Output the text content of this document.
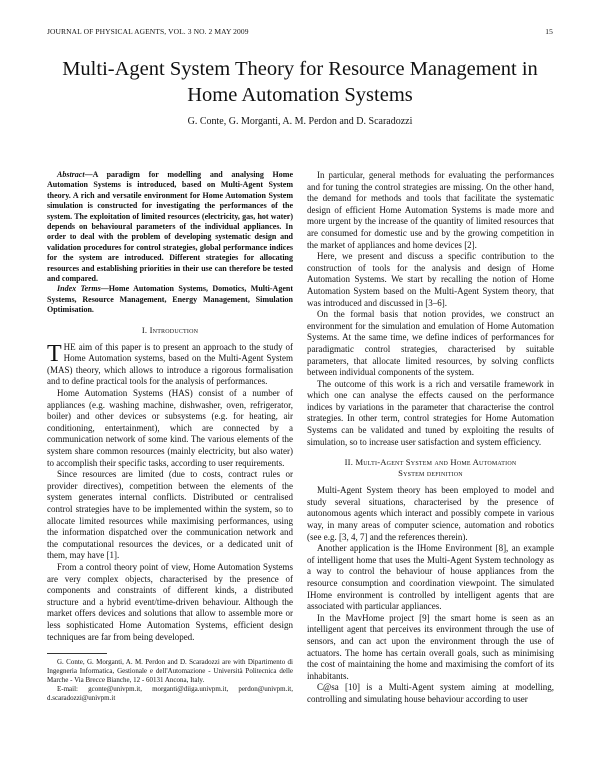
JOURNAL OF PHYSICAL AGENTS, VOL. 3 NO. 2 MAY 2009	15
Multi-Agent System Theory for Resource Management in Home Automation Systems
G. Conte, G. Morganti, A. M. Perdon and D. Scaradozzi

Abstract—A paradigm for modelling and analysing Home Automation Systems is introduced, based on Multi-Agent System theory. A rich and versatile environment for Home Automation System simulation is constructed for investigating the performances of the system. The exploitation of limited resources (electricity, gas, hot water) depends on behavioural parameters of the individual appliances. In order to deal with the problem of developing systematic design and validation procedures for control strategies, global performance indices for the system are introduced. Different strategies for allocating resources and establishing priorities in their use can therefore be tested and compared.

Index Terms—Home Automation Systems, Domotics, Multi-Agent Systems, Resource Management, Energy Management, Simulation Optimisation.

I. Introduction

THE aim of this paper is to present an approach to the study of Home Automation systems, based on the Multi-Agent System (MAS) theory, which allows to introduce a rigorous formalisation and to define practical tools for the analysis of performances.

Home Automation Systems (HAS) consist of a number of appliances (e.g. washing machine, dishwasher, oven, refrigerator, boiler) and other devices or subsystems (e.g. for heating, air conditioning, entertainment), which are connected by a communication network of some kind. The various elements of the system share common resources (mainly electricity, but also water) to accomplish their specific tasks, according to user requirements.

Since resources are limited (due to costs, contract rules or provider directives), competition between the elements of the system generates internal conflicts. Distributed or centralised control strategies have to be implemented within the system, so to allocate limited resources while maximising performances, using the information dispatched over the communication network and the computational resources the devices, or a dedicated unit of them, may have [1].

From a control theory point of view, Home Automation Systems are very complex objects, characterised by the presence of components and constraints of different kinds, a distributed structure and a hybrid event/time-driven behaviour. Although the market offers devices and solutions that allow to assemble more or less sophisticated Home Automation Systems, efficient design techniques are far from being developed.

G. Conte, G. Morganti, A. M. Perdon and D. Scaradozzi are with Dipartimento di Ingegneria Informatica, Gestionale e dell'Automazione - Università Politecnica delle Marche - Via Brecce Bianche, 12 - 60131 Ancona, Italy.

E-mail: gconte@univpm.it, morganti@diiga.univpm.it, perdon@univpm.it, d.scaradozzi@univpm.it

In particular, general methods for evaluating the performances and for tuning the control strategies are missing. On the other hand, the demand for methods and tools that facilitate the systematic design of efficient Home Automation Systems is made more and more urgent by the increase of the quantity of limited resources that are consumed for domestic use and by the growing competition in the market of appliances and home devices [2].

Here, we present and discuss a specific contribution to the construction of tools for the analysis and design of Home Automation Systems. We start by recalling the notion of Home Automation System based on the Multi-Agent System theory, that was introduced and discussed in [3–6].

On the formal basis that notion provides, we construct an environment for the simulation and emulation of Home Automation Systems. At the same time, we define indices of performances for paradigmatic control strategies, characterised by suitable parameters, that allocate limited resources, by solving conflicts between individual components of the system.

The outcome of this work is a rich and versatile framework in which one can analyse the effects caused on the performance indices by variations in the parameter that characterise the control strategies. In other term, control strategies for Home Automation Systems can be validated and tuned by exploiting the results of simulation, so to increase user satisfaction and system efficiency.

II. Multi-Agent System and Home Automation
System definition

Multi-Agent System theory has been employed to model and study several situations, characterised by the presence of autonomous agents which interact and possibly compete in various way, in many areas of computer science, automation and robotics (see e.g. [3, 4, 7] and the references therein).

Another application is the IHome Environment [8], an example of intelligent home that uses the Multi-Agent System technology as a way to control the behaviour of house appliances from the resource consumption and coordination viewpoint. The simulated IHome environment is controlled by intelligent agents that are associated with particular appliances.

In the MavHome project [9] the smart home is seen as an intelligent agent that perceives its environment through the use of sensors, and can act upon the environment through the use of actuators. The home has certain overall goals, such as minimising the cost of maintaining the home and maximising the comfort of its inhabitants.

C@sa [10] is a Multi-Agent system aiming at modelling, controlling and simulating house behaviour according to user
